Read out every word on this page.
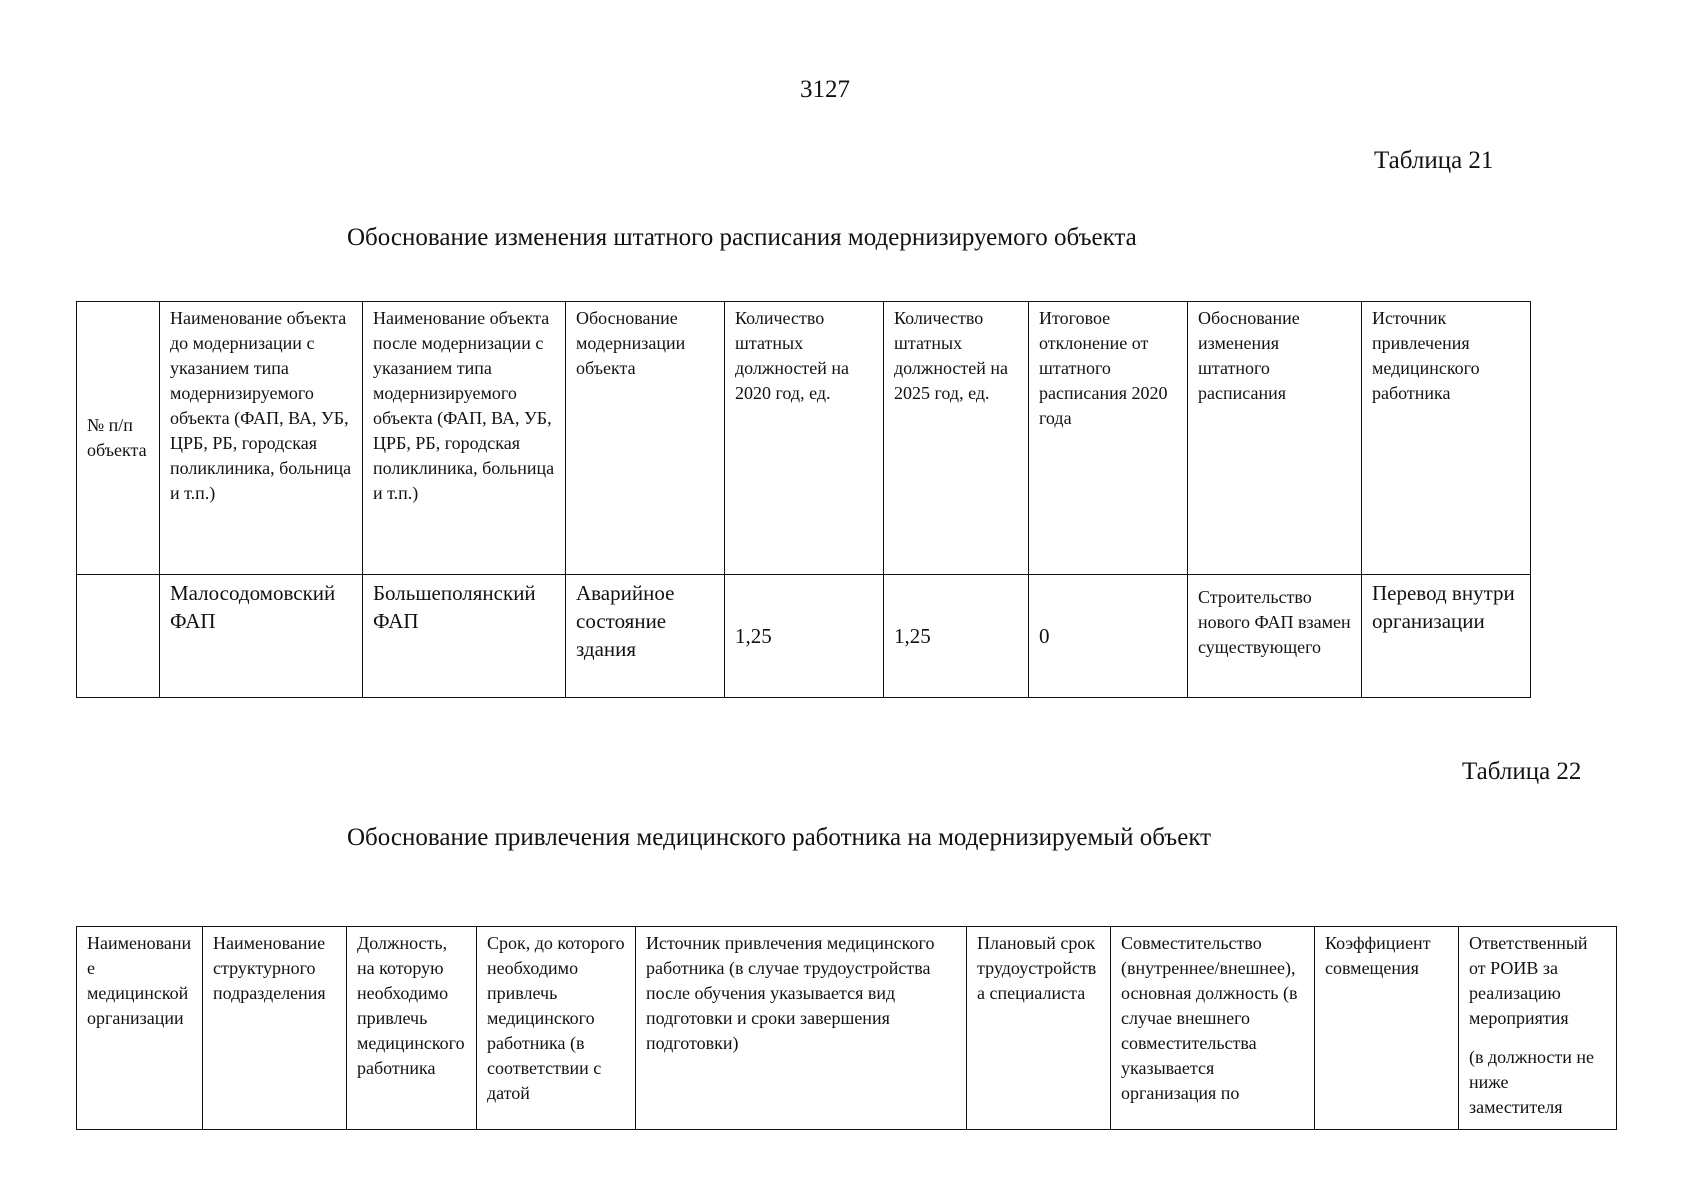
3127
Таблица 21
Обоснование изменения штатного расписания модернизируемого объекта
№ п/п объекта	Наименование объекта до модернизации с указанием типа модернизируемого объекта (ФАП, ВА, УБ, ЦРБ, РБ, городская поликлиника, больница и т.п.)	Наименование объекта после модернизации с указанием типа модернизируемого объекта (ФАП, ВА, УБ, ЦРБ, РБ, городская поликлиника, больница и т.п.)	Обоснование модернизации объекта	Количество штатных должностей на 2020 год, ед.	Количество штатных должностей на 2025 год, ед.	Итоговое отклонение от штатного расписания 2020 года	Обоснование изменения штатного расписания	Источник привлечения медицинского работника
	Малосодомовский ФАП	Большеполянский ФАП	Аварийное состояние здания	1,25	1,25	0	Строительство нового ФАП взамен существующего	Перевод внутри организации
Таблица 22
Обоснование привлечения медицинского работника на модернизируемый объект
Наименование медицинской организации	Наименование структурного подразделения	Должность, на которую необходимо привлечь медицинского работника	Срок, до которого необходимо привлечь медицинского работника (в соответствии с датой	Источник привлечения медицинского работника (в случае трудоустройства после обучения указывается вид подготовки и сроки завершения подготовки)	Плановый срок трудоустройства специалиста	Совместительство (внутреннее/внешнее), основная должность (в случае внешнего совместительства указывается организация по	Коэффициент совмещения	Ответственный от РОИВ за реализацию мероприятия
(в должности не ниже заместителя
